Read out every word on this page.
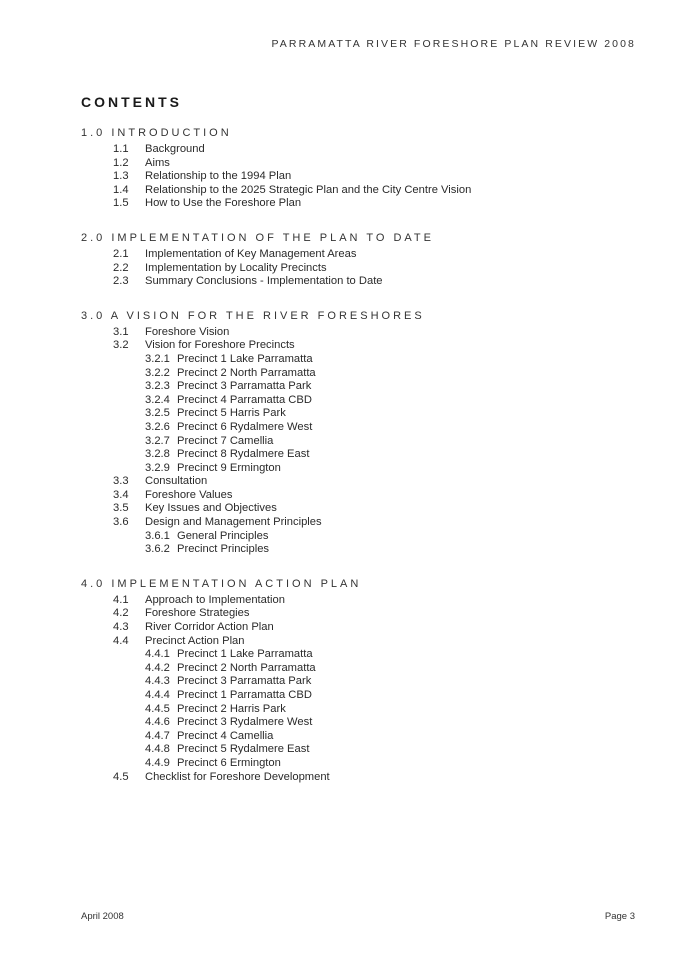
PARRAMATTA RIVER FORESHORE PLAN REVIEW 2008
CONTENTS
1.0 INTRODUCTION
1.1 Background
1.2 Aims
1.3 Relationship to the 1994 Plan
1.4 Relationship to the 2025 Strategic Plan and the City Centre Vision
1.5 How to Use the Foreshore Plan
2.0 IMPLEMENTATION OF THE PLAN TO DATE
2.1 Implementation of Key Management Areas
2.2 Implementation by Locality Precincts
2.3 Summary Conclusions - Implementation to Date
3.0 A VISION FOR THE RIVER FORESHORES
3.1 Foreshore Vision
3.2 Vision for Foreshore Precincts
3.2.1 Precinct 1 Lake Parramatta
3.2.2 Precinct 2 North Parramatta
3.2.3 Precinct 3 Parramatta Park
3.2.4 Precinct 4 Parramatta CBD
3.2.5 Precinct 5 Harris Park
3.2.6 Precinct 6 Rydalmere West
3.2.7 Precinct 7 Camellia
3.2.8 Precinct 8 Rydalmere East
3.2.9 Precinct 9 Ermington
3.3 Consultation
3.4 Foreshore Values
3.5 Key Issues and Objectives
3.6 Design and Management Principles
3.6.1 General Principles
3.6.2 Precinct Principles
4.0 IMPLEMENTATION ACTION PLAN
4.1 Approach to Implementation
4.2 Foreshore Strategies
4.3 River Corridor Action Plan
4.4 Precinct Action Plan
4.4.1 Precinct 1 Lake Parramatta
4.4.2 Precinct 2 North Parramatta
4.4.3 Precinct 3 Parramatta Park
4.4.4 Precinct 1 Parramatta CBD
4.4.5 Precinct 2 Harris Park
4.4.6 Precinct 3 Rydalmere West
4.4.7 Precinct 4 Camellia
4.4.8 Precinct 5 Rydalmere East
4.4.9 Precinct 6 Ermington
4.5 Checklist for Foreshore Development
April 2008	Page 3
